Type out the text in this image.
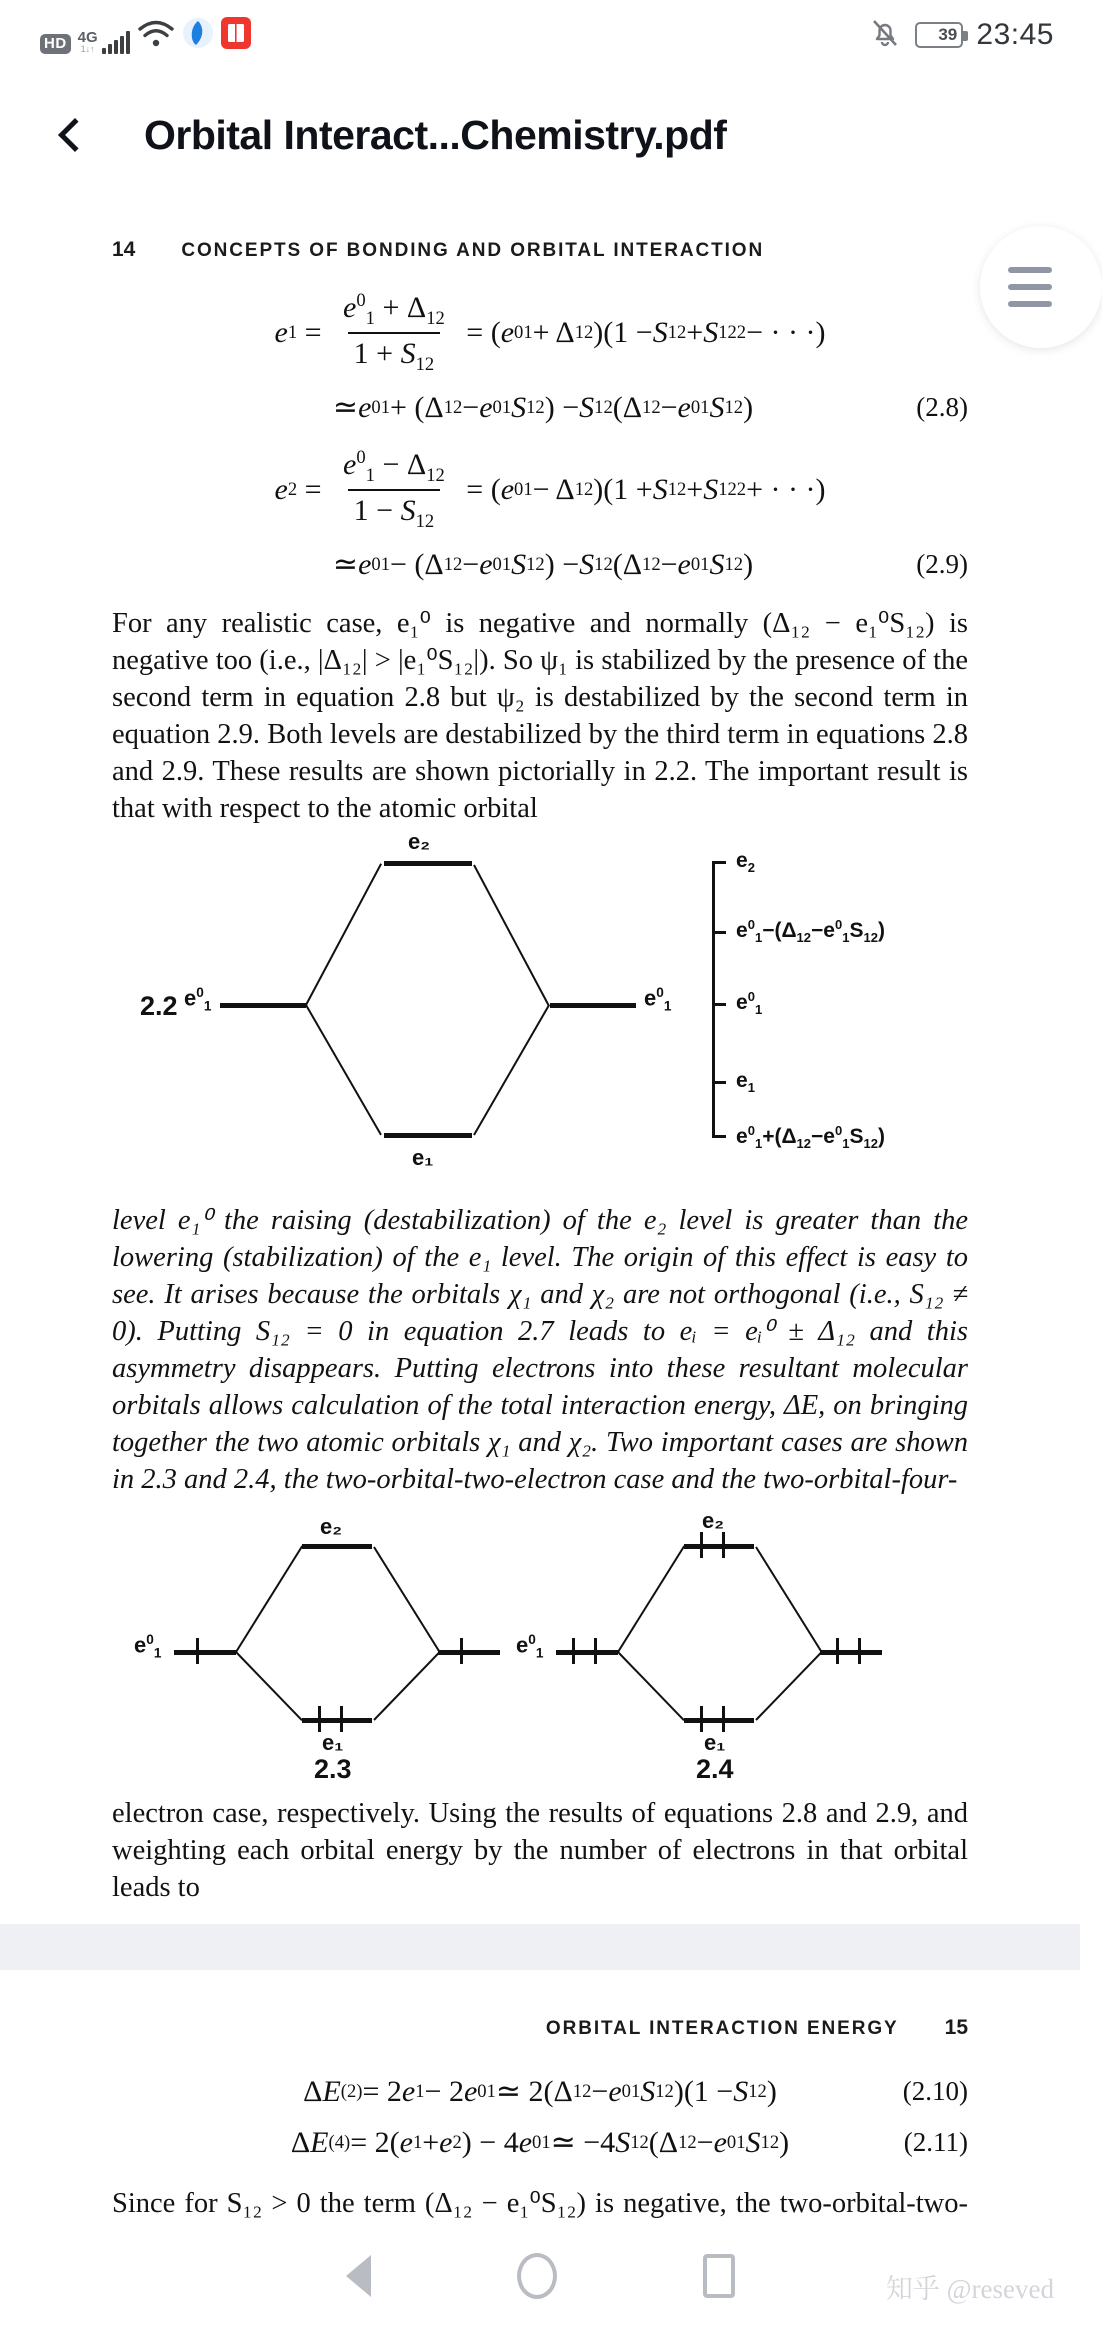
HD 4G
1↓↑
39 23:45
Orbital Interact...Chemistry.pdf
14 CONCEPTS OF BONDING AND ORBITAL INTERACTION
e $1 = \frac{e^0_1 + \Delta_{12}}{1 + S_{12}}$ = ( e 0 1 + Δ 12 )(1 − S 12 + S 12 2 − · · ·)
≃ e 0 1 + (Δ 12 − e 0 1 S 12 ) − S 12 (Δ 12 − e 0 1 S 12 )	(2.8)
e $2 = \frac{e^0_1 - \Delta_{12}}{1 - S_{12}}$ = ( e 0 1 − Δ 12 )(1 + S 12 + S 12 2 + · · ·)
≃ e 0 1 − (Δ 12 − e 0 1 S 12 ) − S 12 (Δ 12 − e 0 1 S 12 )	(2.9)
For any realistic case, e₁⁰ is negative and normally (Δ₁₂ − e₁⁰S₁₂) is negative too (i.e., |Δ₁₂| > |e₁⁰S₁₂|). So ψ₁ is stabilized by the presence of the second term in equation 2.8 but ψ₂ is destabilized by the second term in equation 2.9. Both levels are destabilized by the third term in equations 2.8 and 2.9. These results are shown pictorially in 2.2. The important result is that with respect to the atomic orbital
2.2 $e^0_1$	$e^0_1$
e₂
e₁
$e_2$
$e^0_1-(\Delta_{12}-e^0_1S_{12})$
$e^0_1$
$e_1$
$e^0_1+(\Delta_{12}-e^0_1S_{12})$
level e₁⁰ the raising (destabilization) of the e₂ level is greater than the lowering (stabilization) of the e₁ level. The origin of this effect is easy to see. It arises because the orbitals χ₁ and χ₂ are not orthogonal (i.e., S₁₂ ≠ 0). Putting S₁₂ = 0 in equation 2.7 leads to eᵢ = eᵢ⁰ ± Δ₁₂ and this asymmetry disappears. Putting electrons into these resultant molecular orbitals allows calculation of the total interaction energy, ΔE, on bringing together the two atomic orbitals χ₁ and χ₂. Two important cases are shown in 2.3 and 2.4, the two-orbital-two-electron case and the two-orbital-four-
e₂
e₁
$e^0_1$
2.3
e₂
e₁
$e^0_1$
2.4
electron case, respectively. Using the results of equations 2.8 and 2.9, and weighting each orbital energy by the number of electrons in that orbital leads to
ORBITAL INTERACTION ENERGY 15
Δ E (2) = 2 e 1 − 2 e 0 1 ≃ 2(Δ 12 − e 0 1 S 12 )(1 − S 12 )	(2.10)
Δ E (4) = 2( e 1 + e 2 ) − 4 e 0 1 ≃ −4 S 12 (Δ 12 − e 0 1 S 12 )	(2.11)
Since for S₁₂ > 0 the term (Δ₁₂ − e₁⁰S₁₂) is negative, the two-orbital-two-
知乎 @reseved
